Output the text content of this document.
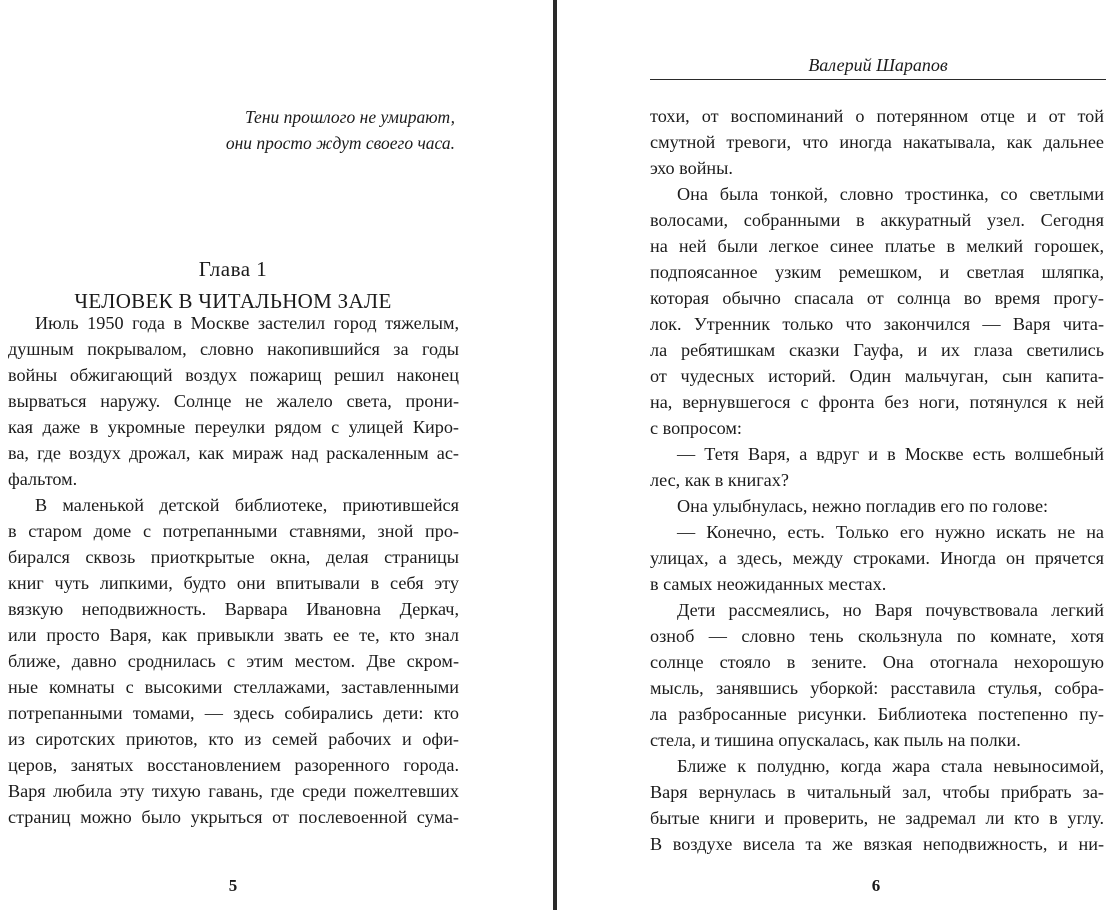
Тени прошлого не умирают,
они просто ждут своего часа.
Глава 1
ЧЕЛОВЕК В ЧИТАЛЬНОМ ЗАЛЕ
Июль 1950 года в Москве застелил город тяжелым,
душным покрывалом, словно накопившийся за годы
войны обжигающий воздух пожарищ решил наконец
вырваться наружу. Солнце не жалело света, прони-
кая даже в укромные переулки рядом с улицей Киро-
ва, где воздух дрожал, как мираж над раскаленным ас-
фальтом.
В маленькой детской библиотеке, приютившейся
в старом доме с потрепанными ставнями, зной про-
бирался сквозь приоткрытые окна, делая страницы
книг чуть липкими, будто они впитывали в себя эту
вязкую неподвижность. Варвара Ивановна Деркач,
или просто Варя, как привыкли звать ее те, кто знал
ближе, давно сроднилась с этим местом. Две скром-
ные комнаты с высокими стеллажами, заставленными
потрепанными томами, — здесь собирались дети: кто
из сиротских приютов, кто из семей рабочих и офи-
церов, занятых восстановлением разоренного города.
Варя любила эту тихую гавань, где среди пожелтевших
страниц можно было укрыться от послевоенной сума-
5
Валерий Шарапов
тохи, от воспоминаний о потерянном отце и от той
смутной тревоги, что иногда накатывала, как дальнее
эхо войны.
Она была тонкой, словно тростинка, со светлыми
волосами, собранными в аккуратный узел. Сегодня
на ней были легкое синее платье в мелкий горошек,
подпоясанное узким ремешком, и светлая шляпка,
которая обычно спасала от солнца во время прогу-
лок. Утренник только что закончился — Варя чита-
ла ребятишкам сказки Гауфа, и их глаза светились
от чудесных историй. Один мальчуган, сын капита-
на, вернувшегося с фронта без ноги, потянулся к ней
с вопросом:
— Тетя Варя, а вдруг и в Москве есть волшебный
лес, как в книгах?
Она улыбнулась, нежно погладив его по голове:
— Конечно, есть. Только его нужно искать не на
улицах, а здесь, между строками. Иногда он прячется
в самых неожиданных местах.
Дети рассмеялись, но Варя почувствовала легкий
озноб — словно тень скользнула по комнате, хотя
солнце стояло в зените. Она отогнала нехорошую
мысль, занявшись уборкой: расставила стулья, собра-
ла разбросанные рисунки. Библиотека постепенно пу-
стела, и тишина опускалась, как пыль на полки.
Ближе к полудню, когда жара стала невыносимой,
Варя вернулась в читальный зал, чтобы прибрать за-
бытые книги и проверить, не задремал ли кто в углу.
В воздухе висела та же вязкая неподвижность, и ни-
6
